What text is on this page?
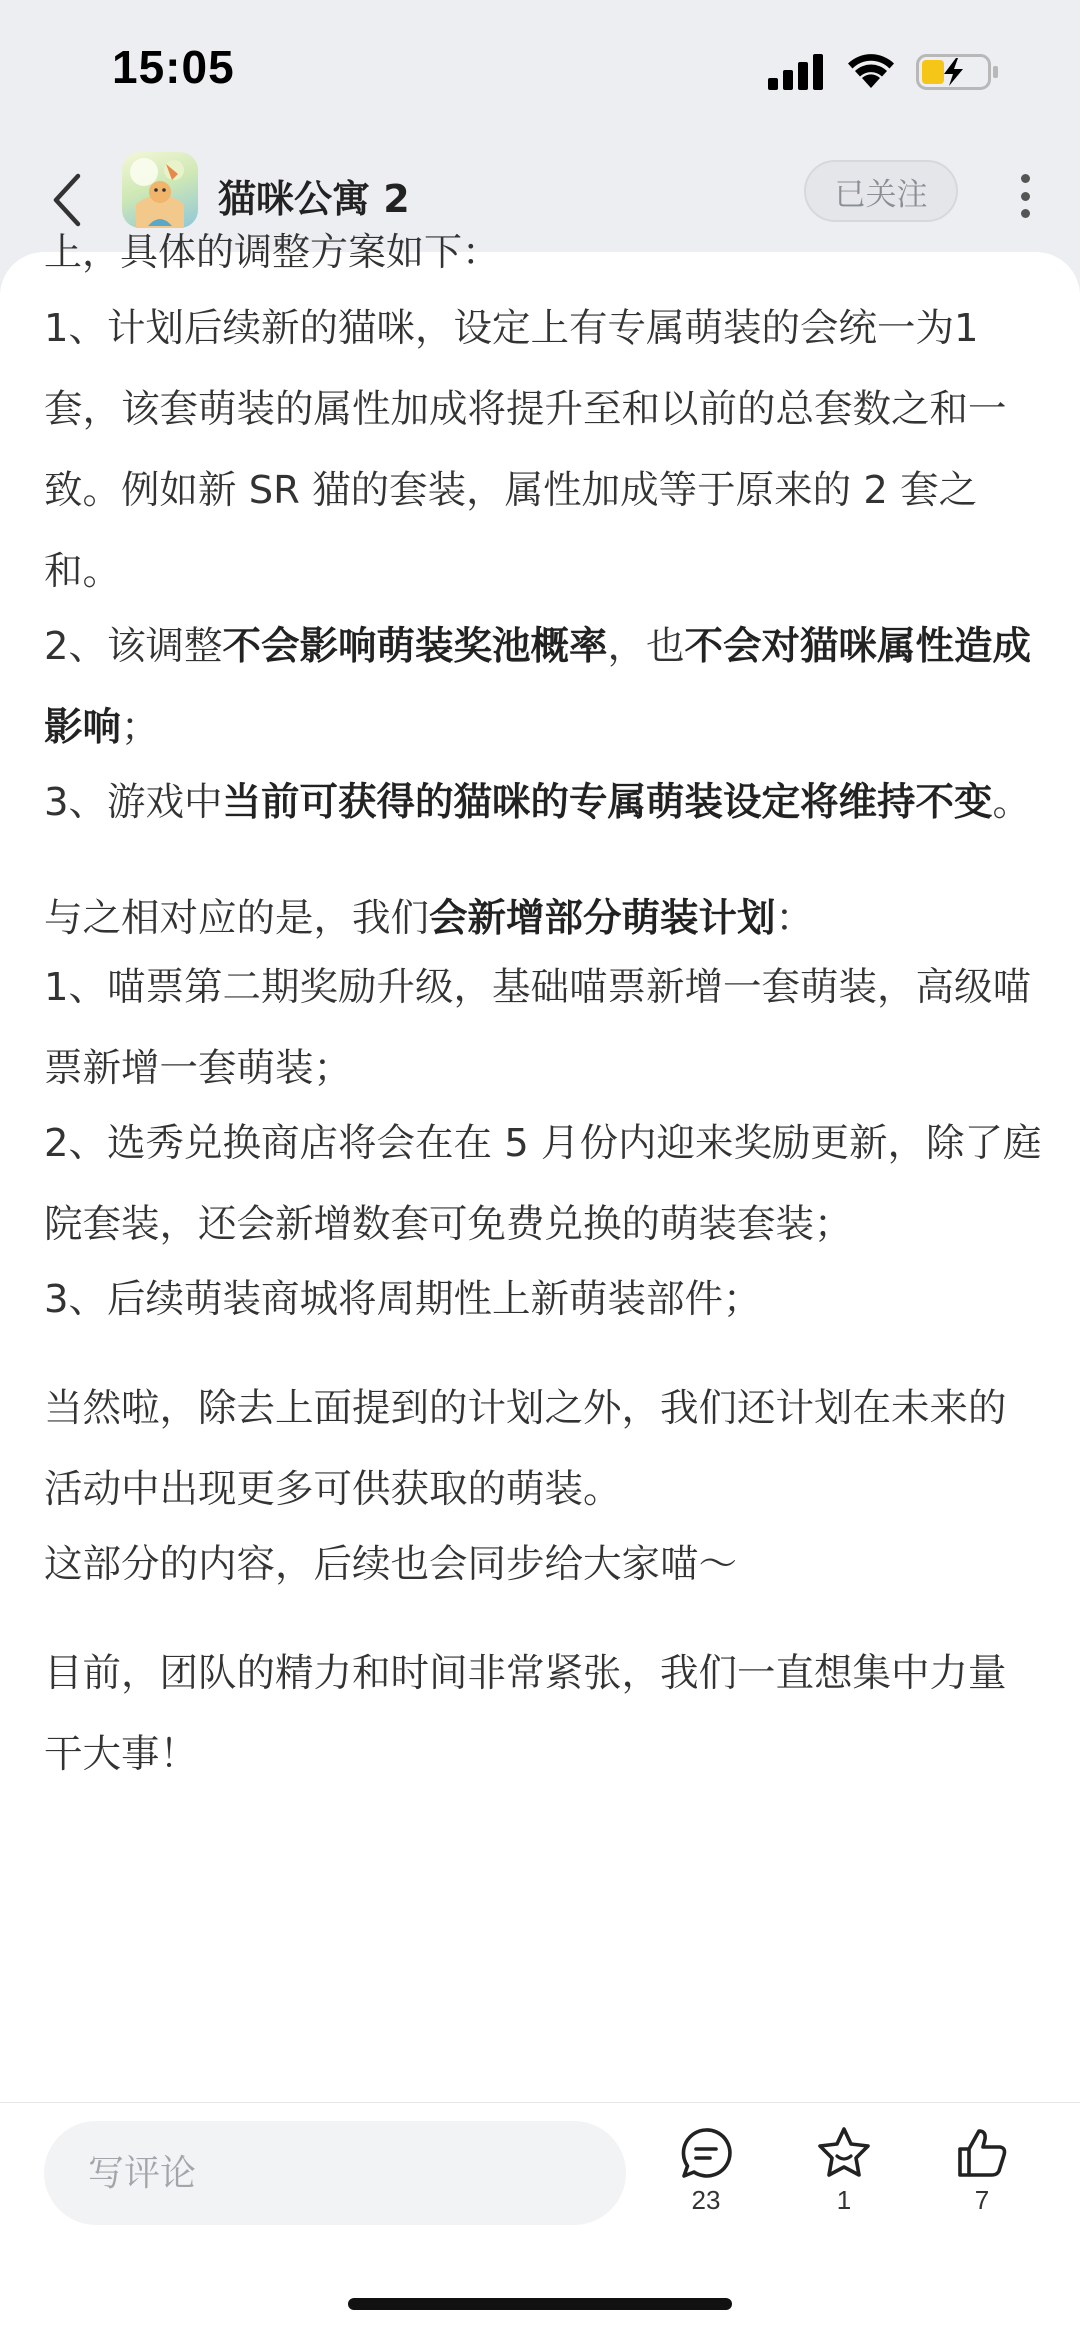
15:05
猫咪公寓 2	已关注
上，具体的调整方案如下：

1、计划后续新的猫咪，设定上有专属萌装的会统一为1套，该套萌装的属性加成将提升至和以前的总套数之和一致。例如新 SR 猫的套装，属性加成等于原来的 2 套之和。

2、该调整不会影响萌装奖池概率，也不会对猫咪属性造成影响；

3、游戏中当前可获得的猫咪的专属萌装设定将维持不变。

与之相对应的是，我们会新增部分萌装计划：

1、喵票第二期奖励升级，基础喵票新增一套萌装，高级喵票新增一套萌装；

2、选秀兑换商店将会在在 5 月份内迎来奖励更新，除了庭院套装，还会新增数套可免费兑换的萌装套装；

3、后续萌装商城将周期性上新萌装部件；

当然啦，除去上面提到的计划之外，我们还计划在未来的活动中出现更多可供获取的萌装。

这部分的内容，后续也会同步给大家喵～

目前，团队的精力和时间非常紧张，我们一直想集中力量干大事！

写评论
23	1	7
